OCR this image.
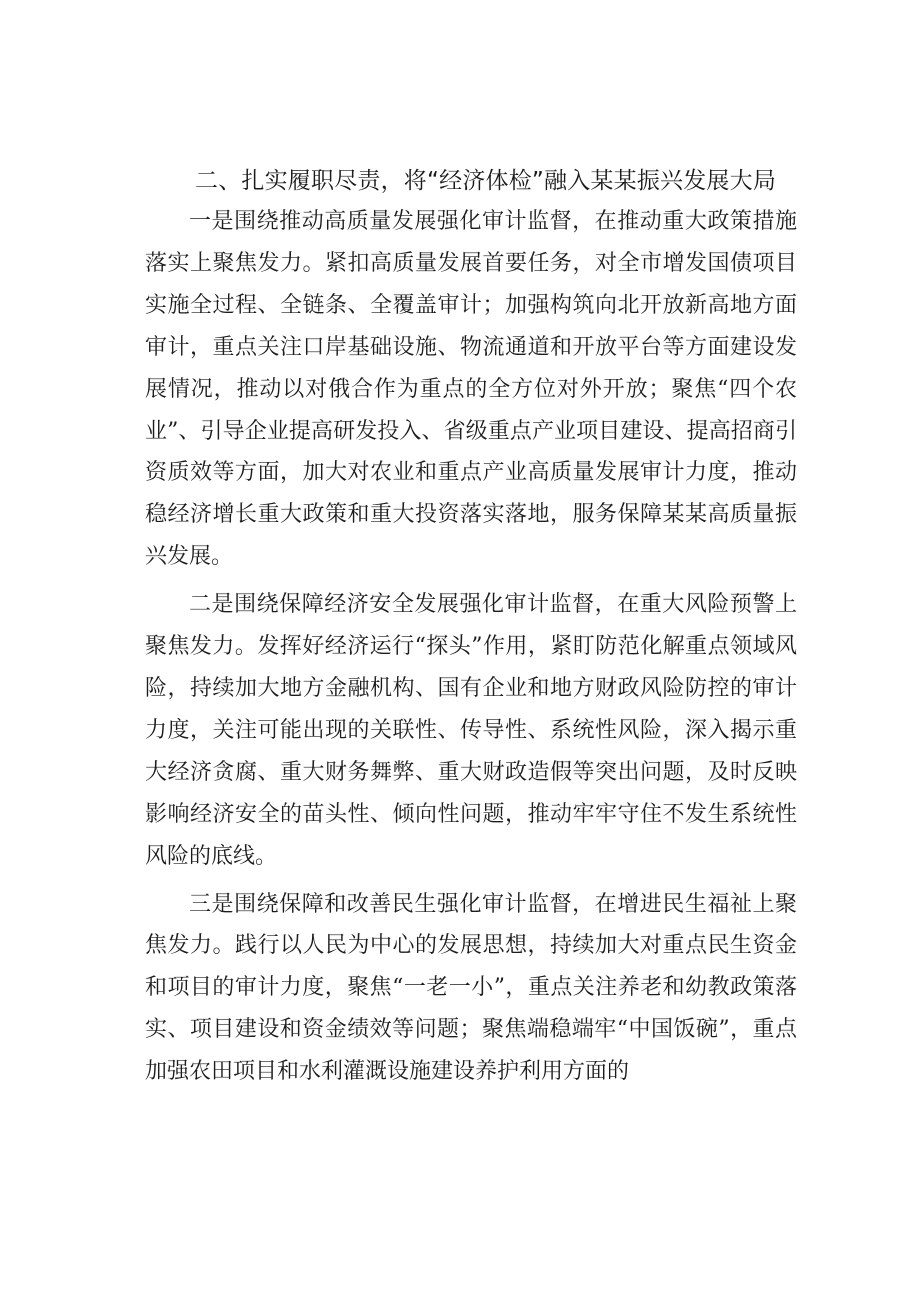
二、扎实履职尽责，将“经济体检”融入某某振兴发展大局

一是围绕推动高质量发展强化审计监督，在推动重大政策措施落实上聚焦发力。紧扣高质量发展首要任务，对全市增发国债项目实施全过程、全链条、全覆盖审计；加强构筑向北开放新高地方面审计，重点关注口岸基础设施、物流通道和开放平台等方面建设发展情况，推动以对俄合作为重点的全方位对外开放；聚焦“四个农业”、引导企业提高研发投入、省级重点产业项目建设、提高招商引资质效等方面，加大对农业和重点产业高质量发展审计力度，推动稳经济增长重大政策和重大投资落实落地，服务保障某某高质量振兴发展。

二是围绕保障经济安全发展强化审计监督，在重大风险预警上聚焦发力。发挥好经济运行“探头”作用，紧盯防范化解重点领域风险，持续加大地方金融机构、国有企业和地方财政风险防控的审计力度，关注可能出现的关联性、传导性、系统性风险，深入揭示重大经济贪腐、重大财务舞弊、重大财政造假等突出问题，及时反映影响经济安全的苗头性、倾向性问题，推动牢牢守住不发生系统性风险的底线。

三是围绕保障和改善民生强化审计监督，在增进民生福祉上聚焦发力。践行以人民为中心的发展思想，持续加大对重点民生资金和项目的审计力度，聚焦“一老一小”，重点关注养老和幼教政策落实、项目建设和资金绩效等问题；聚焦端稳端牢“中国饭碗”，重点加强农田项目和水利灌溉设施建设养护利用方面的
